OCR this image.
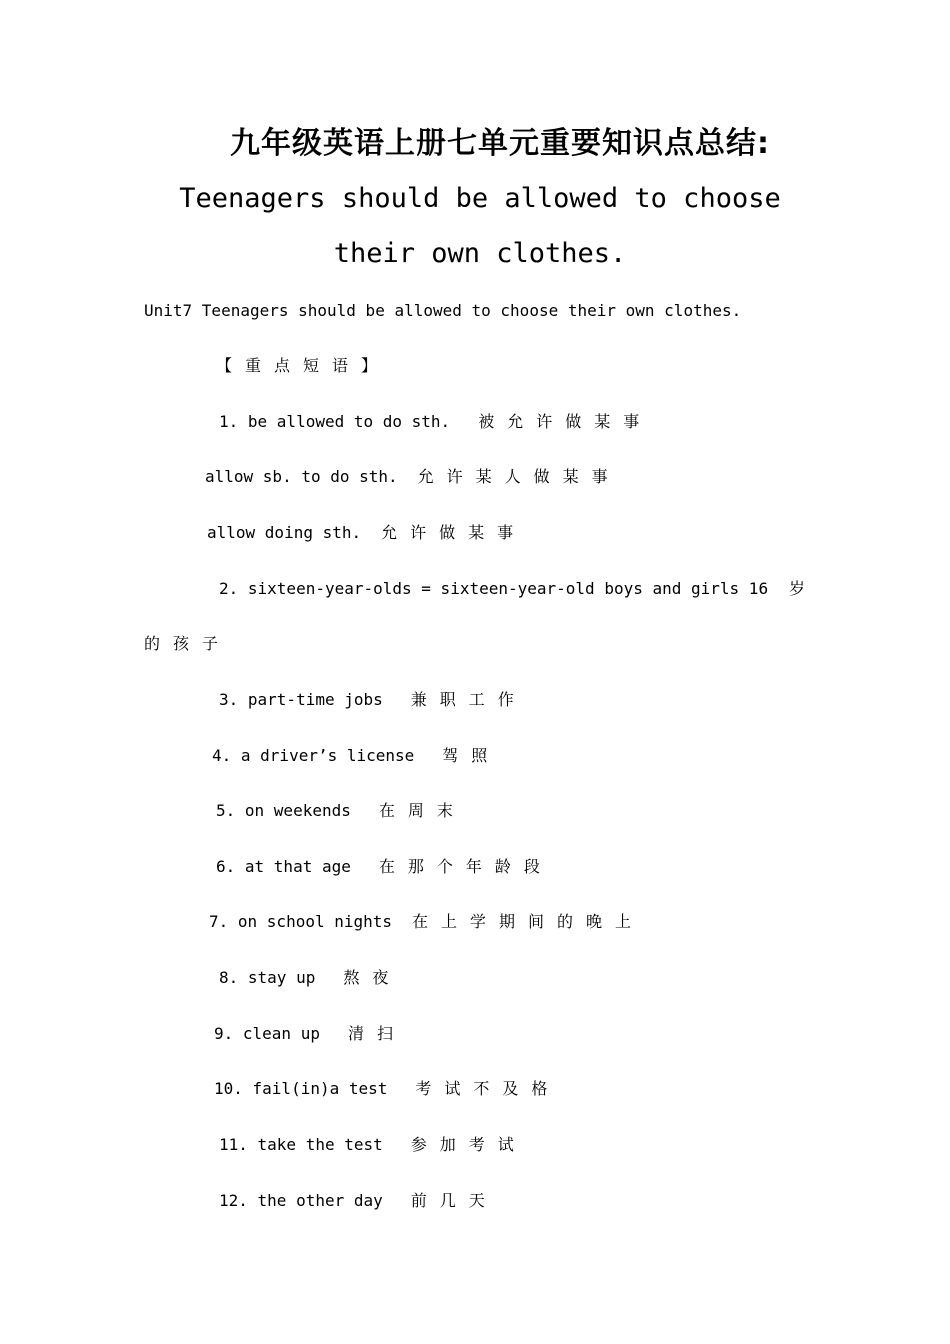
九年级英语上册七单元重要知识点总结:
Teenagers should be allowed to choose
their own clothes.
Unit7 Teenagers should be allowed to choose their own clothes.
【重点短语】
1. be allowed to do sth. 被允许做某事
allow sb. to do sth. 允许某人做某事
allow doing sth. 允许做某事
2. sixteen-year-olds = sixteen-year-old boys and girls 16 岁
的孩子
3. part-time jobs 兼职工作
4. a driver’s license 驾照
5. on weekends 在周末
6. at that age 在那个年龄段
7. on school nights 在上学期间的晚上
8. stay up 熬夜
9. clean up 清扫
10. fail(in)a test 考试不及格
11. take the test 参加考试
12. the other day 前几天
